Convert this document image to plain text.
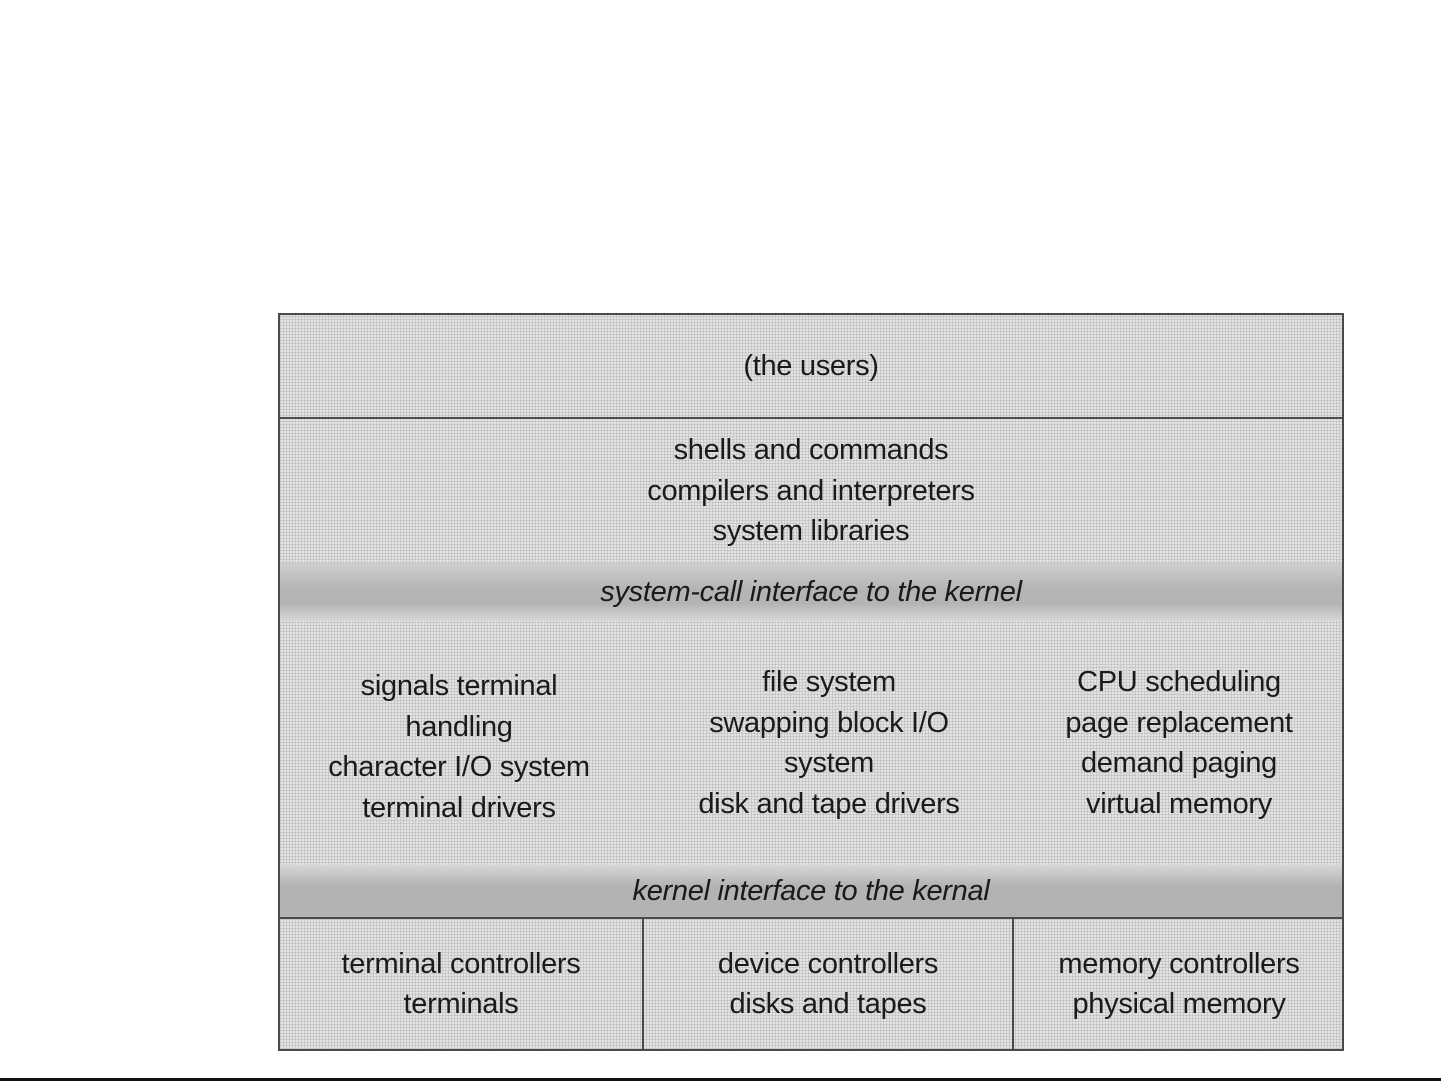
(the users)
shells and commands
compilers and interpreters
system libraries
system-call interface to the kernel
signals terminal
handling
character I/O system
terminal drivers
file system
swapping block I/O
system
disk and tape drivers
CPU scheduling
page replacement
demand paging
virtual memory
kernel interface to the kernal
terminal controllers
terminals
device controllers
disks and tapes
memory controllers
physical memory
